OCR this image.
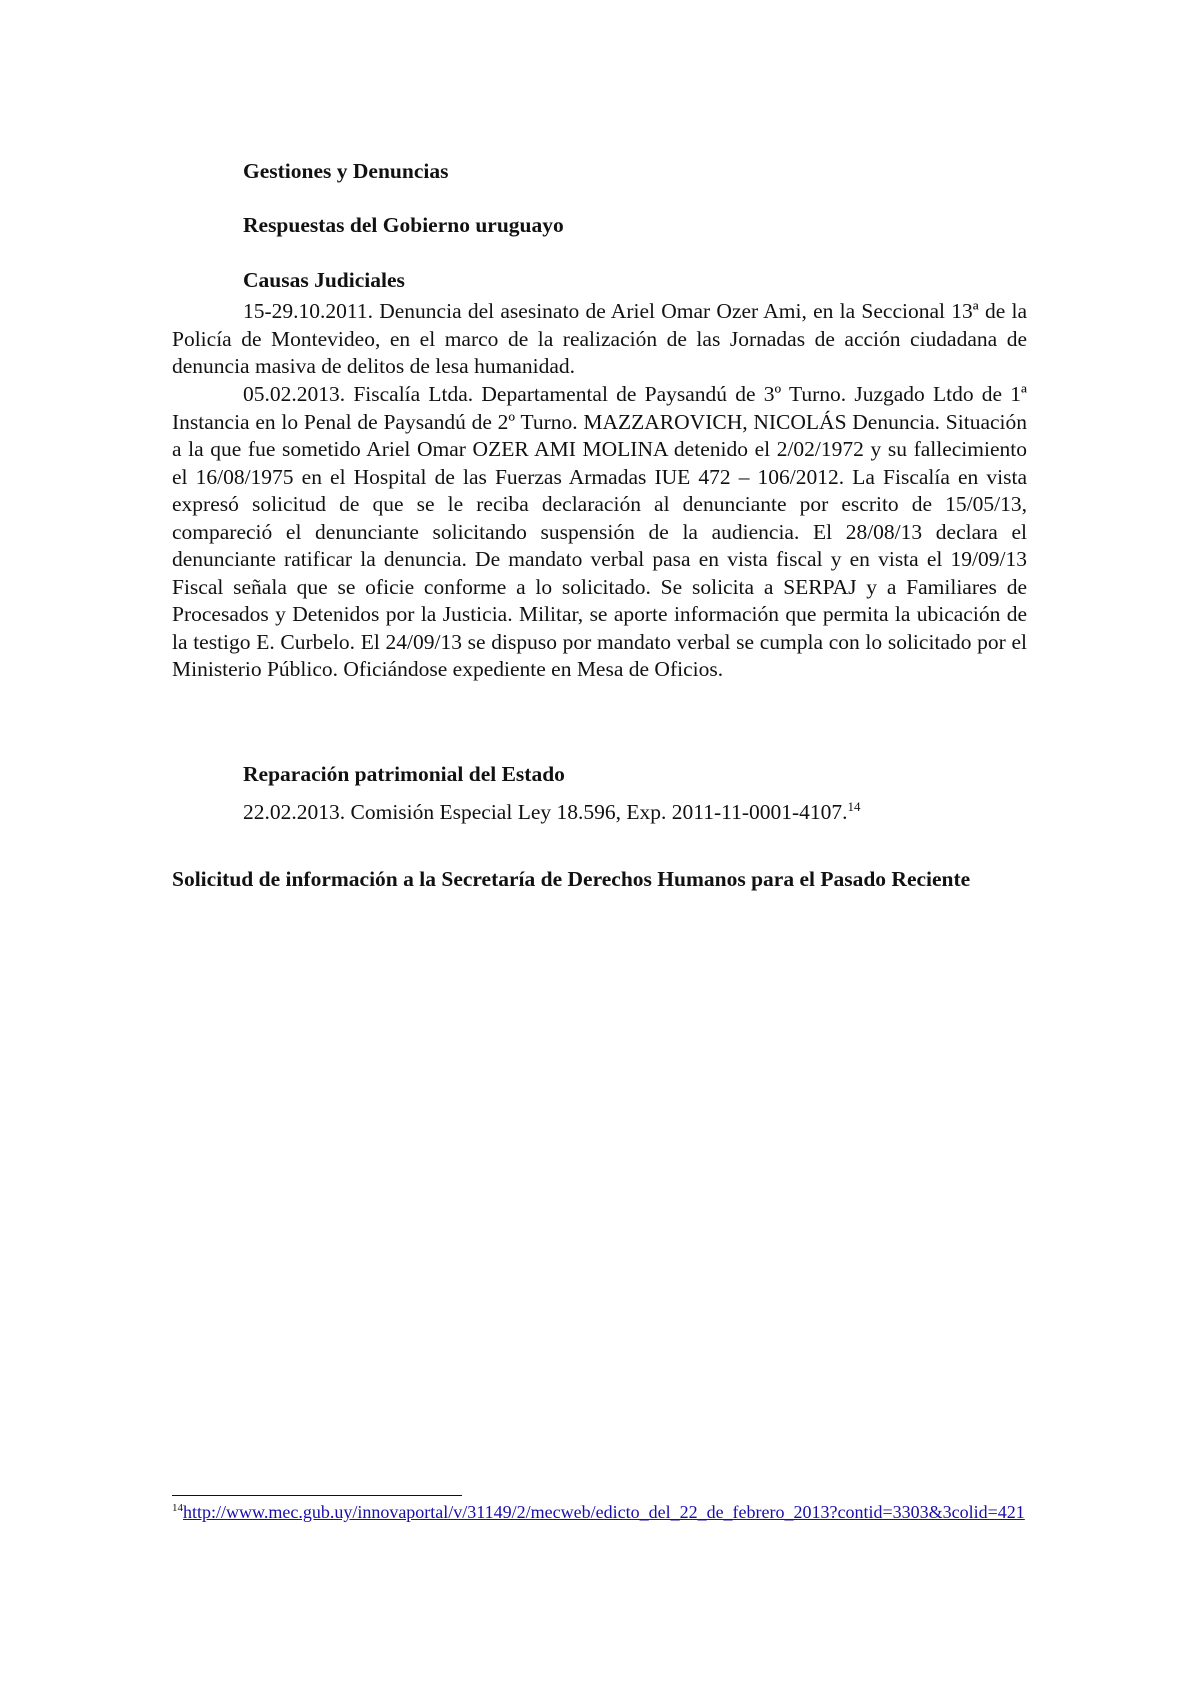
Gestiones y Denuncias

Respuestas del Gobierno uruguayo

Causas Judiciales

15-29.10.2011. Denuncia del asesinato de Ariel Omar Ozer Ami, en la Seccional 13ª de la Policía de Montevideo, en el marco de la realización de las Jornadas de acción ciudadana de denuncia masiva de delitos de lesa humanidad.

05.02.2013. Fiscalía Ltda. Departamental de Paysandú de 3º Turno. Juzgado Ltdo de 1ª Instancia en lo Penal de Paysandú de 2º Turno. MAZZAROVICH, NICOLÁS Denuncia. Situación a la que fue sometido Ariel Omar OZER AMI MOLINA detenido el 2/02/1972 y su fallecimiento el 16/08/1975 en el Hospital de las Fuerzas Armadas IUE 472 – 106/2012. La Fiscalía en vista expresó solicitud de que se le reciba declaración al denunciante por escrito de 15/05/13, compareció el denunciante solicitando suspensión de la audiencia. El 28/08/13 declara el denunciante ratificar la denuncia. De mandato verbal pasa en vista fiscal y en vista el 19/09/13 Fiscal señala que se oficie conforme a lo solicitado. Se solicita a SERPAJ y a Familiares de Procesados y Detenidos por la Justicia. Militar, se aporte información que permita la ubicación de la testigo E. Curbelo. El 24/09/13 se dispuso por mandato verbal se cumpla con lo solicitado por el Ministerio Público. Oficiándose expediente en Mesa de Oficios.

Reparación patrimonial del Estado

22.02.2013. Comisión Especial Ley 18.596, Exp. 2011-11-0001-4107.14

Solicitud de información a la Secretaría de Derechos Humanos para el Pasado Reciente

$^{14}$http://www.mec.gub.uy/innovaportal/v/31149/2/mecweb/edicto_del_22_de_febrero_2013?contid=3303&3colid=421
